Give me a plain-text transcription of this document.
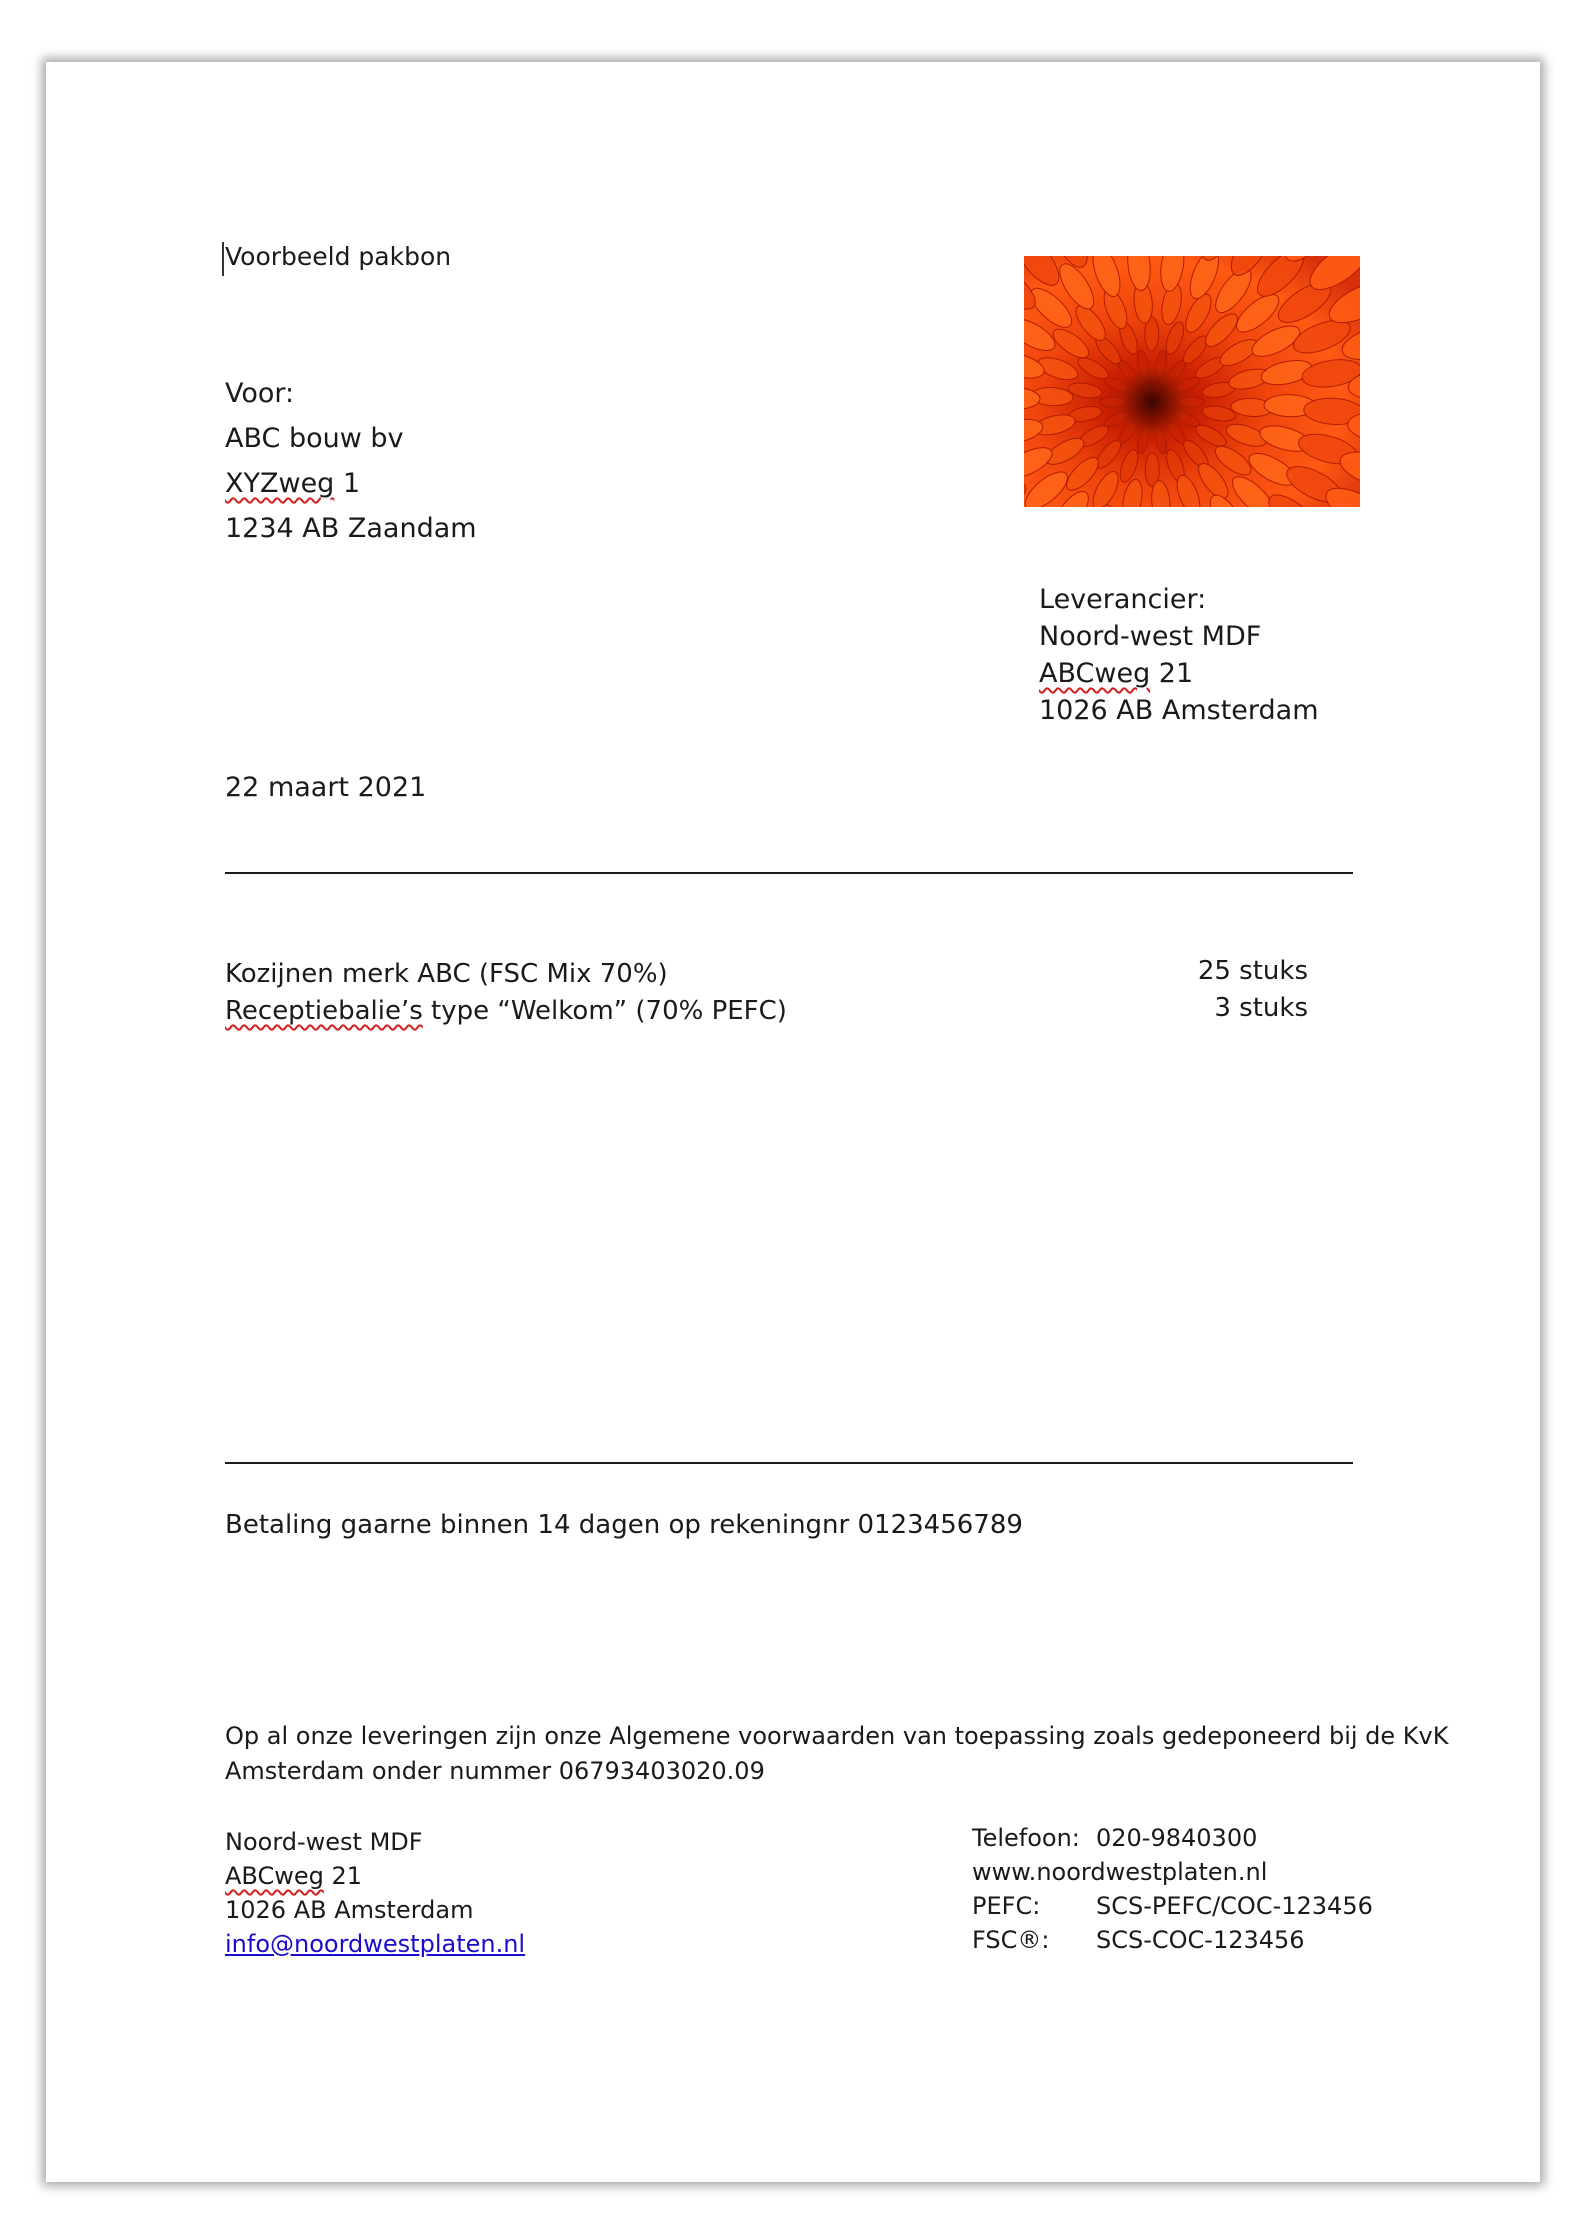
Voorbeeld pakbon
Voor:
ABC bouw bv
XYZweg 1
1234 AB Zaandam
Leverancier:
Noord-west MDF
ABCweg 21
1026 AB Amsterdam
22 maart 2021
Kozijnen merk ABC (FSC Mix 70%)	25 stuks
Receptiebalie’s type “Welkom” (70% PEFC)	3 stuks
Betaling gaarne binnen 14 dagen op rekeningnr 0123456789
Op al onze leveringen zijn onze Algemene voorwaarden van toepassing zoals gedeponeerd bij de KvK
Amsterdam onder nummer 06793403020.09
Noord-west MDF
ABCweg 21
1026 AB Amsterdam
info@noordwestplaten.nl
Telefoon: 020-9840300
www.noordwestplaten.nl
PEFC: SCS-PEFC/COC-123456
FSC®: SCS-COC-123456
